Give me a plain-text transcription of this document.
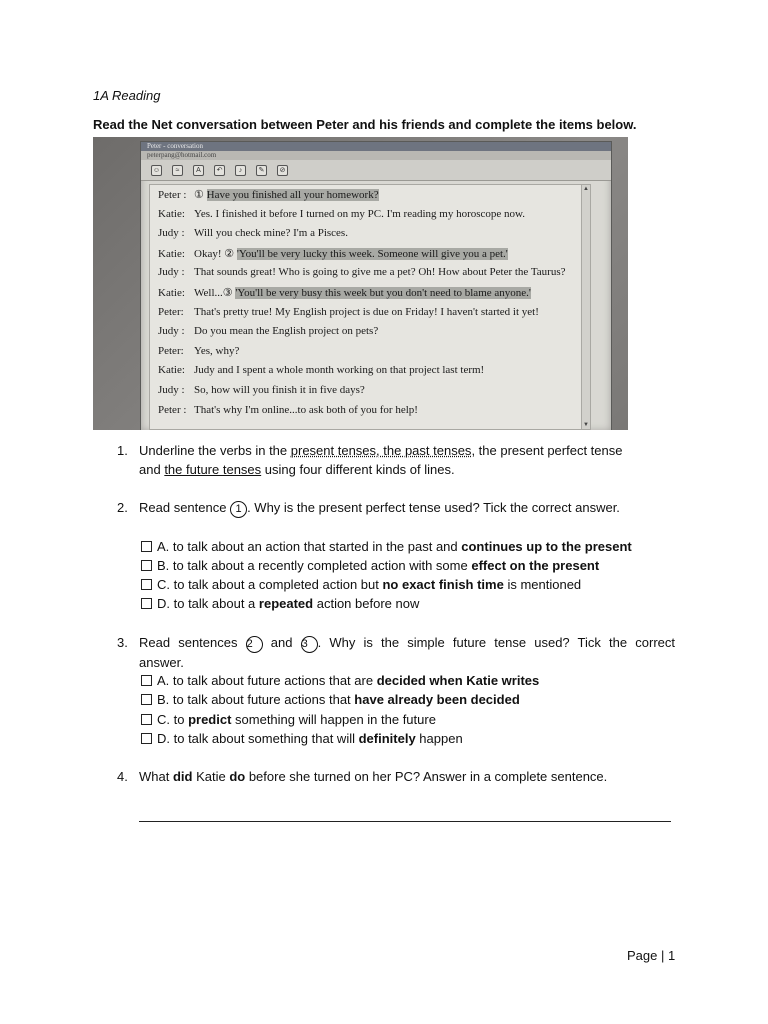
1A Reading
Read the Net conversation between Peter and his friends and complete the items below.
Peter - conversation
peterpang@hotmail.com
☺	≈	A	↶	♪	✎	⊘
Peter : ① Have you finished all your homework?
Katie: Yes. I finished it before I turned on my PC. I'm reading my horoscope now.
Judy : Will you check mine? I'm a Pisces.
Katie: Okay! ② 'You'll be very lucky this week. Someone will give you a pet.'
Judy : That sounds great! Who is going to give me a pet? Oh! How about Peter the Taurus?
Katie: Well...③ 'You'll be very busy this week but you don't need to blame anyone.'
Peter: That's pretty true! My English project is due on Friday! I haven't started it yet!
Judy : Do you mean the English project on pets?
Peter: Yes, why?
Katie: Judy and I spent a whole month working on that project last term!
Judy : So, how will you finish it in five days?
Peter : That's why I'm online...to ask both of you for help!
▲
▼
1. Underline the verbs in the present tenses, the past tenses, the present perfect tense
and the future tenses using four different kinds of lines.
2. Read sentence 1 . Why is the present perfect tense used? Tick the correct answer.
A. to talk about an action that started in the past and continues up to the present
B. to talk about a recently completed action with some effect on the present
C. to talk about a completed action but no exact finish time is mentioned
D. to talk about a repeated action before now
3. Read sentences 2 and 3 . Why is the simple future tense used? Tick the correct answer.
A. to talk about future actions that are decided when Katie writes
B. to talk about future actions that have already been decided
C. to predict something will happen in the future
D. to talk about something that will definitely happen
4. What did Katie do before she turned on her PC? Answer in a complete sentence.
Page | 1
